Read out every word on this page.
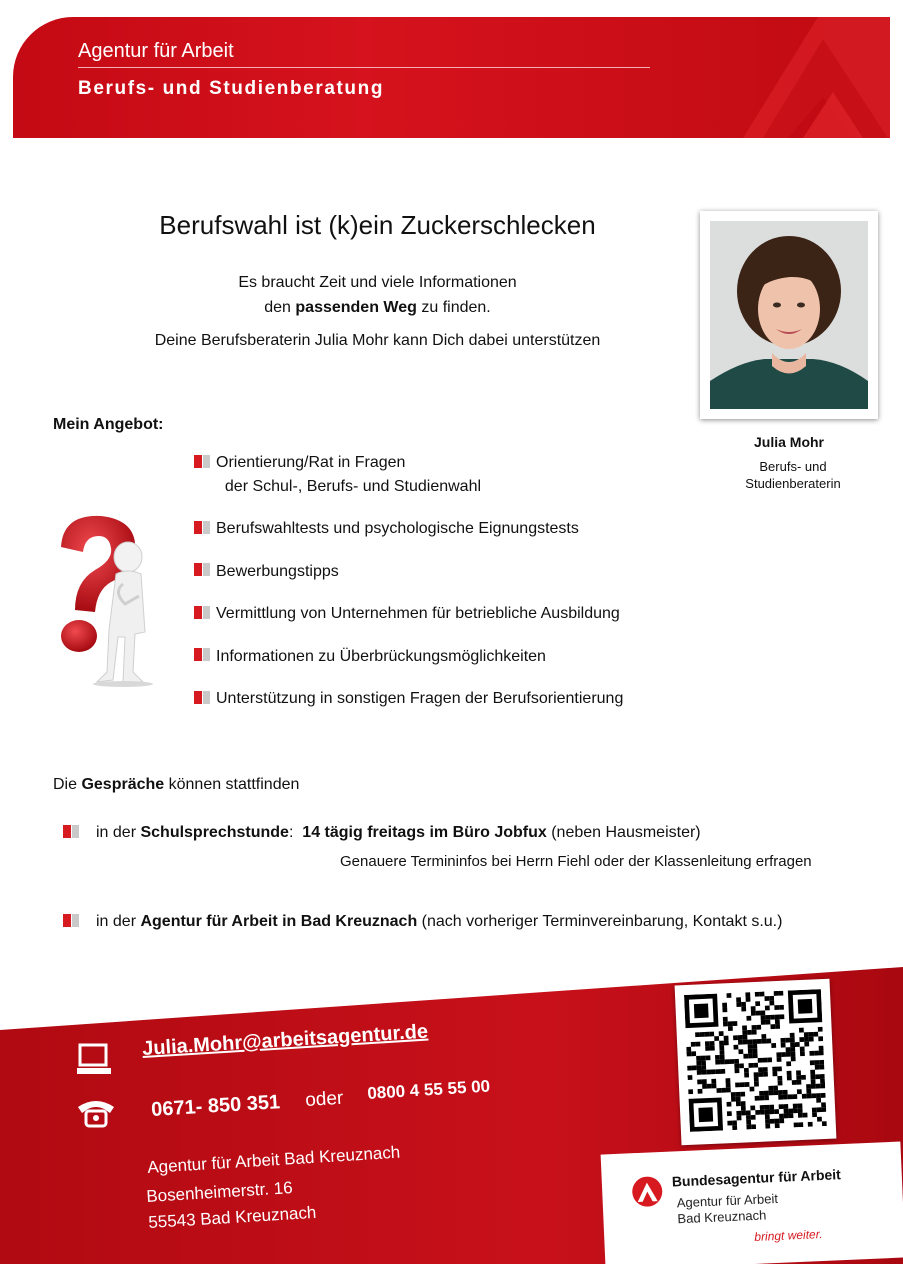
Agentur für Arbeit
Berufs- und Studienberatung
Berufswahl ist (k)ein Zuckerschlecken
Es braucht Zeit und viele Informationen
den passenden Weg zu finden.
Deine Berufsberaterin Julia Mohr kann Dich dabei unterstützen
Julia Mohr
Berufs- und
Studienberaterin
Mein Angebot:
Orientierung/Rat in Fragen
der Schul-, Berufs- und Studienwahl
Berufswahltests und psychologische Eignungstests
Bewerbungstipps
Vermittlung von Unternehmen für betriebliche Ausbildung
Informationen zu Überbrückungsmöglichkeiten
Unterstützung in sonstigen Fragen der Berufsorientierung
Die Gespräche können stattfinden
in der Schulsprechstunde:  14 tägig freitags im Büro Jobfux (neben Hausmeister)
Genauere Termininfos bei Herrn Fiehl oder der Klassenleitung erfragen
in der Agentur für Arbeit in Bad Kreuznach (nach vorheriger Terminvereinbarung, Kontakt s.u.)
Julia.Mohr@arbeitsagentur.de
0671- 850 351 oder 0800 4 55 55 00
Agentur für Arbeit Bad Kreuznach
Bosenheimerstr. 16
55543 Bad Kreuznach
Bundesagentur für Arbeit
Agentur für Arbeit
Bad Kreuznach
bringt weiter.
